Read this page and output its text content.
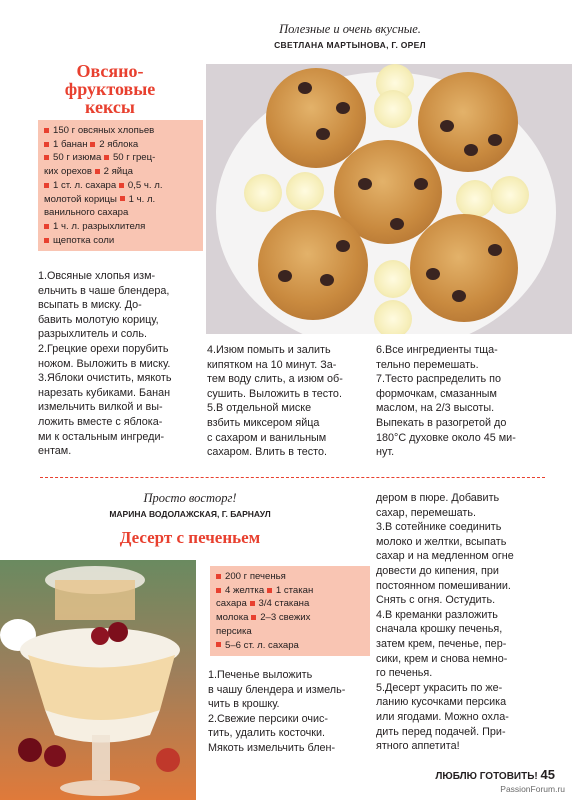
Полезные и очень вкусные.
СВЕТЛАНА МАРТЫНОВА, Г. ОРЕЛ
Овсяно-
фруктовые
кексы
150 г овсяных хлопьев
1 банан 2 яблока
50 г изюма 50 г грец-
ких орехов 2 яйца
1 ст. л. сахара 0,5 ч. л.
молотой корицы 1 ч. л.
ванильного сахара
1 ч. л. разрыхлителя
щепотка соли
1.Овсяные хлопья изм-
ельчить в чаше блендера,
всыпать в миску. До-
бавить молотую корицу,
разрыхлитель и соль.
2.Грецкие орехи порубить
ножом. Выложить в миску.
3.Яблоки очистить, мякоть
нарезать кубиками. Банан
измельчить вилкой и вы-
ложить вместе с яблока-
ми к остальным ингреди-
ентам.
4.Изюм помыть и залить
кипятком на 10 минут. За-
тем воду слить, а изюм об-
сушить. Выложить в тесто.
5.В отдельной миске
взбить миксером яйца
с сахаром и ванильным
сахаром. Влить в тесто.
6.Все ингредиенты тща-
тельно перемешать.
7.Тесто распределить по
формочкам, смазанным
маслом, на 2/3 высоты.
Выпекать в разогретой до
180°С духовке около 45 ми-
нут.
Просто восторг!
МАРИНА ВОДОЛАЖСКАЯ, Г. БАРНАУЛ
Десерт с печеньем
200 г печенья
4 желтка 1 стакан
сахара 3/4 стакана
молока 2–3 свежих
персика
5–6 ст. л. сахара
1.Печенье выложить
в чашу блендера и измель-
чить в крошку.
2.Свежие персики очис-
тить, удалить косточки.
Мякоть измельчить блен-
дером в пюре. Добавить
сахар, перемешать.
3.В сотейнике соединить
молоко и желтки, всыпать
сахар и на медленном огне
довести до кипения, при
постоянном помешивании.
Снять с огня. Остудить.
4.В креманки разложить
сначала крошку печенья,
затем крем, печенье, пер-
сики, крем и снова немно-
го печенья.
5.Десерт украсить по же-
ланию кусочками персика
или ягодами. Можно охла-
дить перед подачей. При-
ятного аппетита!
ЛЮБЛЮ ГОТОВИТЬ! 45
PassionForum.ru
